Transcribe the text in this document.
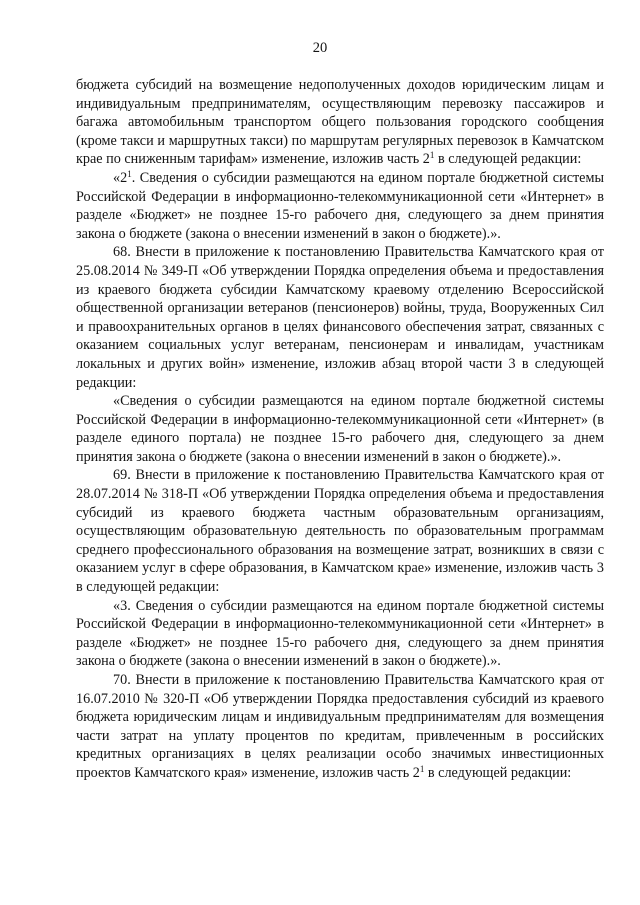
20

бюджета субсидий на возмещение недополученных доходов юридическим лицам и индивидуальным предпринимателям, осуществляющим перевозку пассажиров и багажа автомобильным транспортом общего пользования городского сообщения (кроме такси и маршрутных такси) по маршрутам регулярных перевозок в Камчатском крае по сниженным тарифам» изменение, изложив часть $2^1$ в следующей редакции:

«$2^1$. Сведения о субсидии размещаются на едином портале бюджетной системы Российской Федерации в информационно-телекоммуникационной сети «Интернет» в разделе «Бюджет» не позднее 15-го рабочего дня, следующего за днем принятия закона о бюджете (закона о внесении изменений в закон о бюджете).».

68. Внести в приложение к постановлению Правительства Камчатского края от 25.08.2014 № 349-П «Об утверждении Порядка определения объема и предоставления из краевого бюджета субсидии Камчатскому краевому отделению Всероссийской общественной организации ветеранов (пенсионеров) войны, труда, Вооруженных Сил и правоохранительных органов в целях финансового обеспечения затрат, связанных с оказанием социальных услуг ветеранам, пенсионерам и инвалидам, участникам локальных и других войн» изменение, изложив абзац второй части 3 в следующей редакции:

«Сведения о субсидии размещаются на едином портале бюджетной системы Российской Федерации в информационно-телекоммуникационной сети «Интернет» (в разделе единого портала) не позднее 15-го рабочего дня, следующего за днем принятия закона о бюджете (закона о внесении изменений в закон о бюджете).».

69. Внести в приложение к постановлению Правительства Камчатского края от 28.07.2014 № 318-П «Об утверждении Порядка определения объема и предоставления субсидий из краевого бюджета частным образовательным организациям, осуществляющим образовательную деятельность по образовательным программам среднего профессионального образования на возмещение затрат, возникших в связи с оказанием услуг в сфере образования, в Камчатском крае» изменение, изложив часть 3 в следующей редакции:

«3. Сведения о субсидии размещаются на едином портале бюджетной системы Российской Федерации в информационно-телекоммуникационной сети «Интернет» в разделе «Бюджет» не позднее 15-го рабочего дня, следующего за днем принятия закона о бюджете (закона о внесении изменений в закон о бюджете).».

70. Внести в приложение к постановлению Правительства Камчатского края от 16.07.2010 № 320-П «Об утверждении Порядка предоставления субсидий из краевого бюджета юридическим лицам и индивидуальным предпринимателям для возмещения части затрат на уплату процентов по кредитам, привлеченным в российских кредитных организациях в целях реализации особо значимых инвестиционных проектов Камчатского края» изменение, изложив часть $2^1$ в следующей редакции:
